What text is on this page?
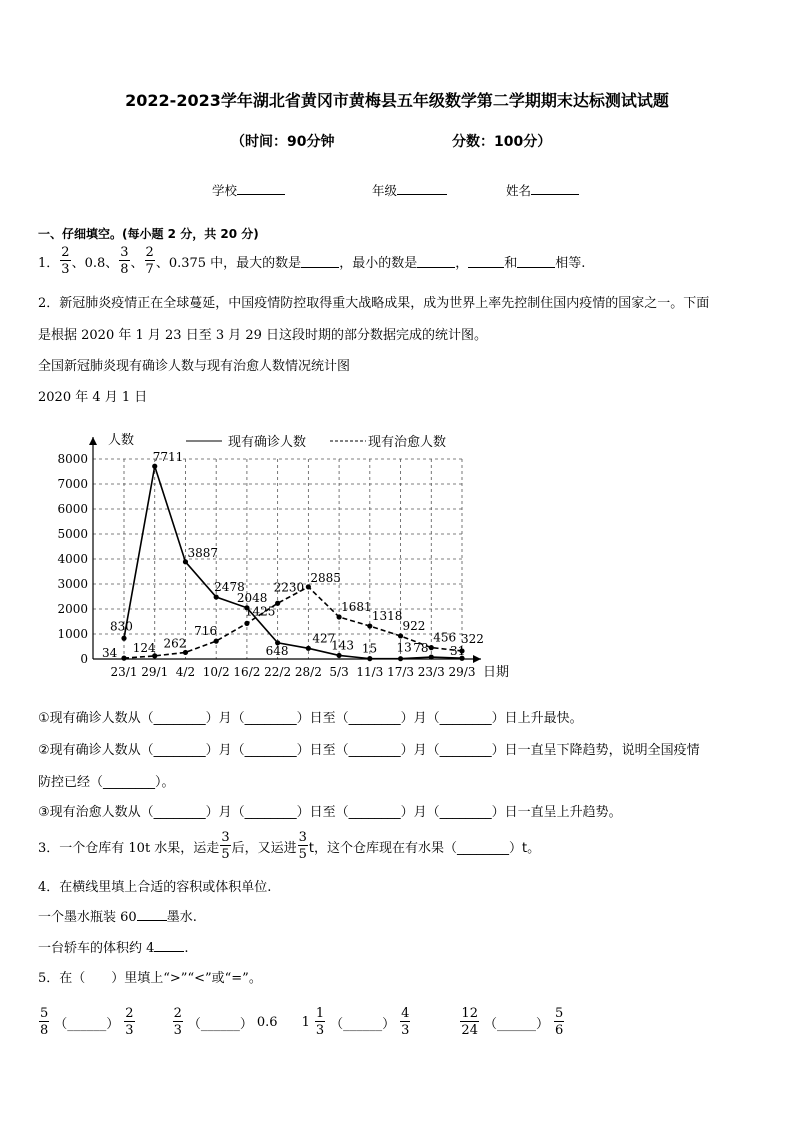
2022-2023学年湖北省黄冈市黄梅县五年级数学第二学期期末达标测试试题
（时间：90分钟	分数：100分）
学校	年级	姓名
一、仔细填空。(每小题 2 分，共 20 分)
1． $\frac{2}{3}$ 、0.8、 $\frac{3}{8}$ 、 $\frac{2}{7}$ 、0.375 中，最大的数是	，最小的数是	，	和	相等.
2．新冠肺炎疫情正在全球蔓延，中国疫情防控取得重大战略成果，成为世界上率先控制住国内疫情的国家之一。下面
是根据 2020 年 1 月 23 日至 3 月 29 日这段时期的部分数据完成的统计图。
全国新冠肺炎现有确诊人数与现有治愈人数情况统计图
2020 年 4 月 1 日
0
1000
2000
3000
4000
5000
6000
7000
8000
23/1 29/1 4/2 10/2 16/2 22/2 28/2 5/3 11/3 17/3 23/3 29/3
人数
日期
830
7711
3887
2478
2048
648
427
143 15 13 78 31
34 124 262
716
1425
2230
2885
1681
1318
922
456 322
现有确诊人数	现有治愈人数
①现有确诊人数从（________）月（________）日至（________）月（________）日上升最快。
②现有确诊人数从（________）月（________）日至（________）月（________）日一直呈下降趋势，说明全国疫情
防控已经（________）。
③现有治愈人数从（________）月（________）日至（________）月（________）日一直呈上升趋势。
3．一个仓库有 10t 水果，运走 $\frac{3}{5}$ 后，又运进 $\frac{3}{5}$ t，这个仓库现在有水果（________）t。
4．在横线里填上合适的容积或体积单位.
一个墨水瓶装 60 墨水.
一台轿车的体积约 4 .
5．在（　　）里填上“>”“<”或“=”。
$\frac{5}{8}$ （______） $\frac{2}{3}$	$\frac{2}{3}$ （______） 0.6 $1 \frac{1}{3}$ （______） $\frac{4}{3}$	$\frac{12}{24}$ （______） $\frac{5}{6}$
